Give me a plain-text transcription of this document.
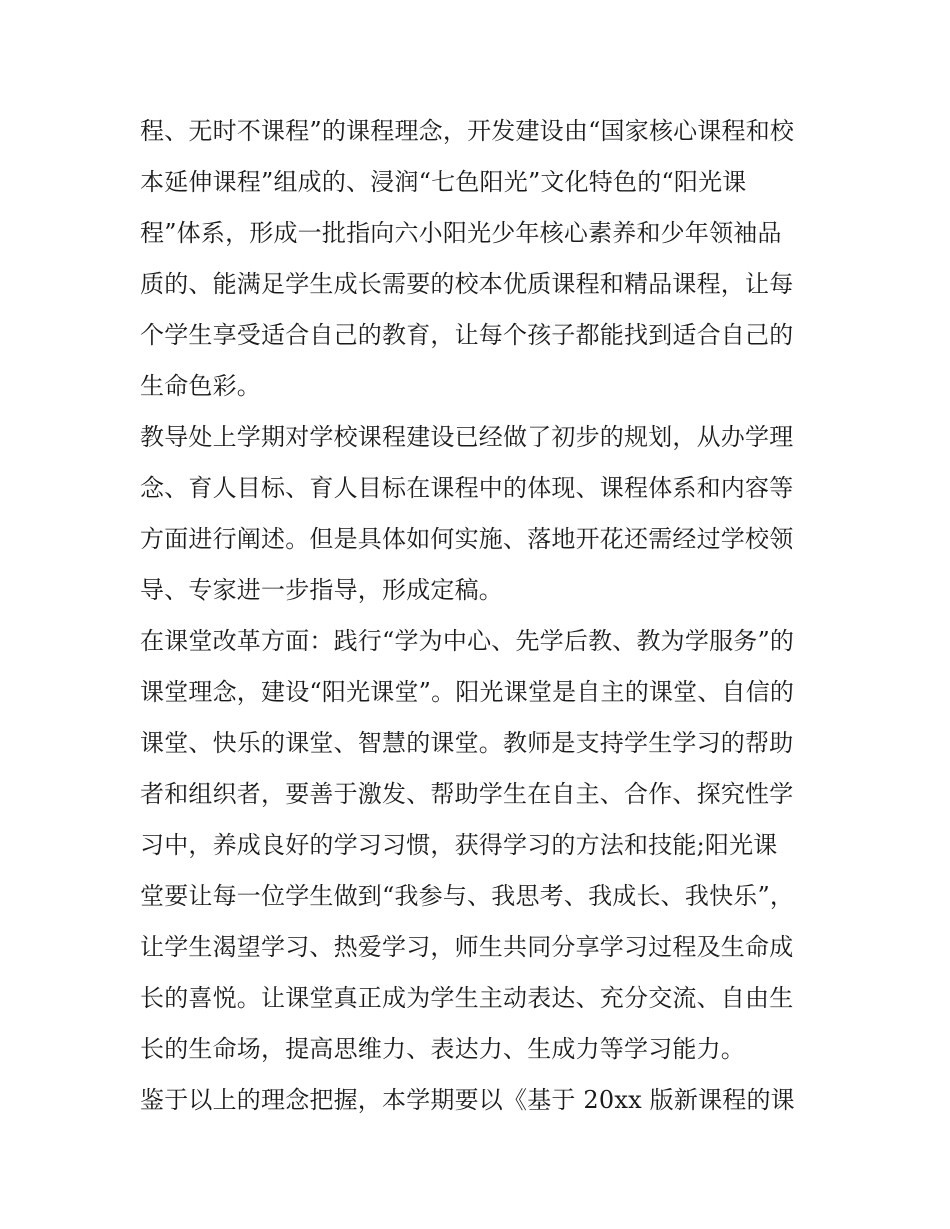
程、无时不课程”的课程理念，开发建设由“国家核心课程和校
本延伸课程”组成的、浸润“七色阳光”文化特色的“阳光课
程”体系，形成一批指向六小阳光少年核心素养和少年领袖品
质的、能满足学生成长需要的校本优质课程和精品课程，让每
个学生享受适合自己的教育，让每个孩子都能找到适合自己的
生命色彩。
教导处上学期对学校课程建设已经做了初步的规划，从办学理
念、育人目标、育人目标在课程中的体现、课程体系和内容等
方面进行阐述。但是具体如何实施、落地开花还需经过学校领
导、专家进一步指导，形成定稿。
在课堂改革方面：践行“学为中心、先学后教、教为学服务”的
课堂理念，建设“阳光课堂”。阳光课堂是自主的课堂、自信的
课堂、快乐的课堂、智慧的课堂。教师是支持学生学习的帮助
者和组织者，要善于激发、帮助学生在自主、合作、探究性学
习中，养成良好的学习习惯，获得学习的方法和技能;阳光课
堂要让每一位学生做到“我参与、我思考、我成长、我快乐”，
让学生渴望学习、热爱学习，师生共同分享学习过程及生命成
长的喜悦。让课堂真正成为学生主动表达、充分交流、自由生
长的生命场，提高思维力、表达力、生成力等学习能力。
鉴于以上的理念把握，本学期要以《基于 20xx 版新课程的课
